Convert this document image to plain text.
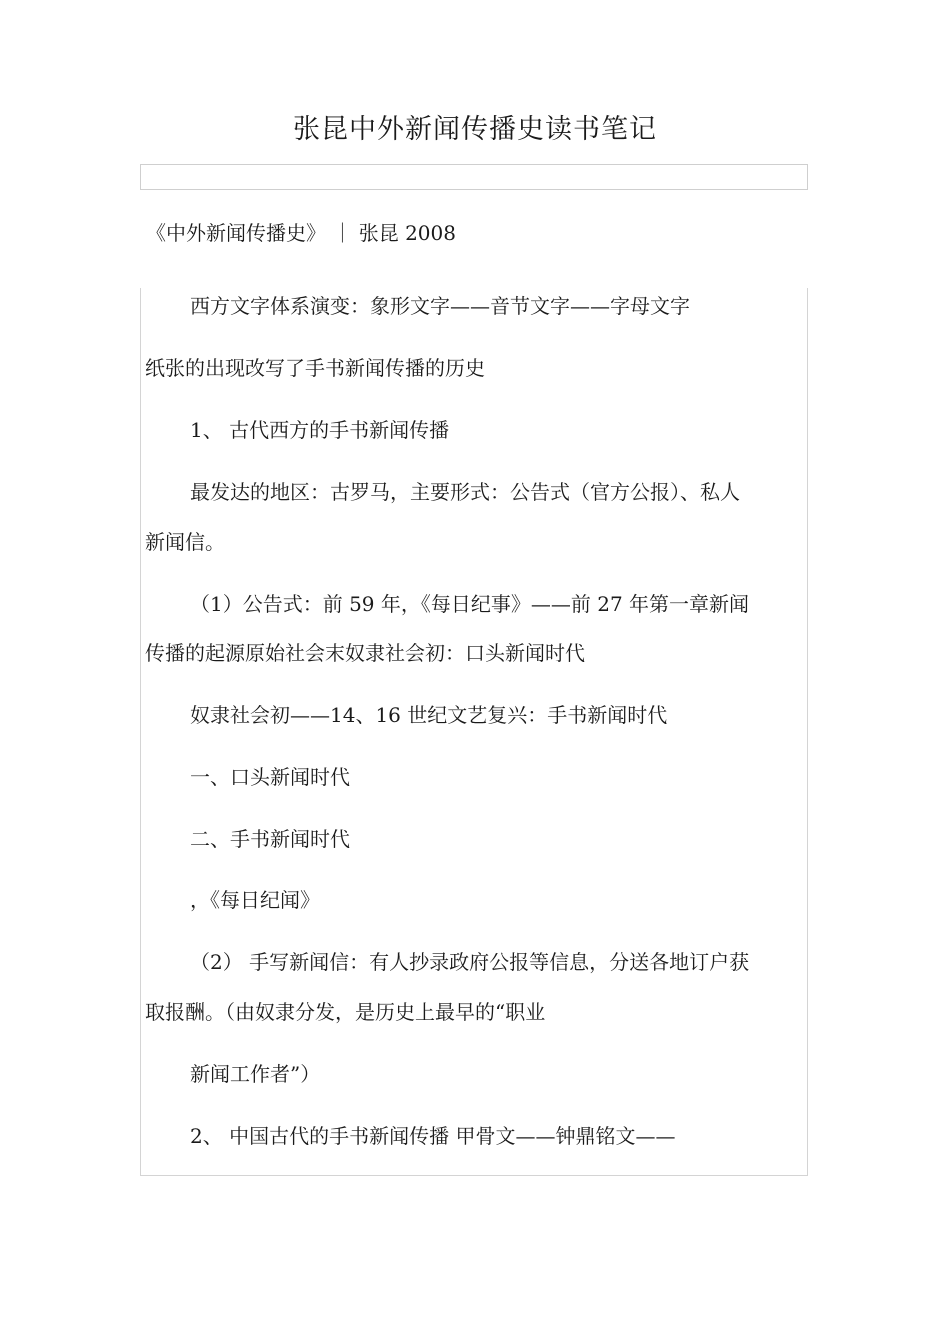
张昆中外新闻传播史读书笔记
《中外新闻传播史》 ｜ 张昆 2008
西方文字体系演变：象形文字——音节文字——字母文字
纸张的出现改写了手书新闻传播的历史
1、 古代西方的手书新闻传播
最发达的地区：古罗马，主要形式：公告式（官方公报）、私人
新闻信。
（1）公告式：前 59 年，《每日纪事》——前 27 年第一章新闻
传播的起源原始社会末奴隶社会初：口头新闻时代
奴隶社会初——14、16 世纪文艺复兴：手书新闻时代
一、口头新闻时代
二、手书新闻时代
，《每日纪闻》
（2） 手写新闻信：有人抄录政府公报等信息，分送各地订户获
取报酬。（由奴隶分发，是历史上最早的“职业
新闻工作者”）
2、 中国古代的手书新闻传播 甲骨文——钟鼎铭文——
